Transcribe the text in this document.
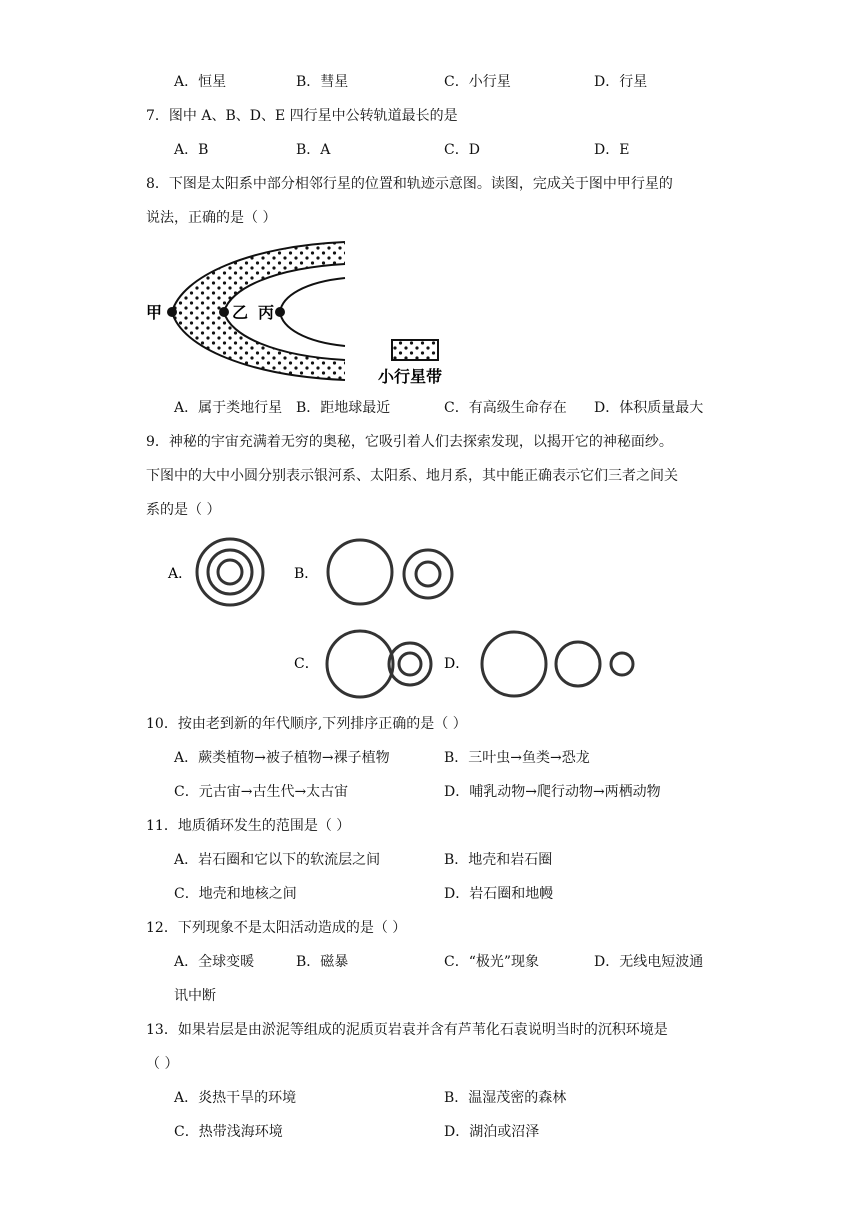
A．恒星	B．彗星	C．小行星	D．行星
7．图中 A、B、D、E 四行星中公转轨道最长的是
A．B	B．A	C．D	D．E
8．下图是太阳系中部分相邻行星的位置和轨迹示意图。读图，完成关于图中甲行星的
说法，正确的是（ ）
甲	乙 丙
小行星带
A．属于类地行星 B．距地球最近	C．有高级生命存在 D．体积质量最大
9．神秘的宇宙充满着无穷的奥秘，它吸引着人们去探索发现，以揭开它的神秘面纱。
下图中的大中小圆分别表示银河系、太阳系、地月系，其中能正确表示它们三者之间关
系的是（ ）
A．	B．
C．	D．
10．按由老到新的年代顺序,下列排序正确的是（ ）
A．蕨类植物→被子植物→裸子植物	B．三叶虫→鱼类→恐龙
C．元古宙→古生代→太古宙	D．哺乳动物→爬行动物→两栖动物
11．地质循环发生的范围是（ ）
A．岩石圈和它以下的软流层之间	B．地壳和岩石圈
C．地壳和地核之间	D．岩石圈和地幔
12．下列现象不是太阳活动造成的是（ ）
A．全球变暖	B．磁暴	C．“极光”现象	D．无线电短波通
讯中断
13．如果岩层是由淤泥等组成的泥质页岩袁并含有芦苇化石袁说明当时的沉积环境是
（ ）
A．炎热干旱的环境	B．温湿茂密的森林
C．热带浅海环境	D．湖泊或沼泽
